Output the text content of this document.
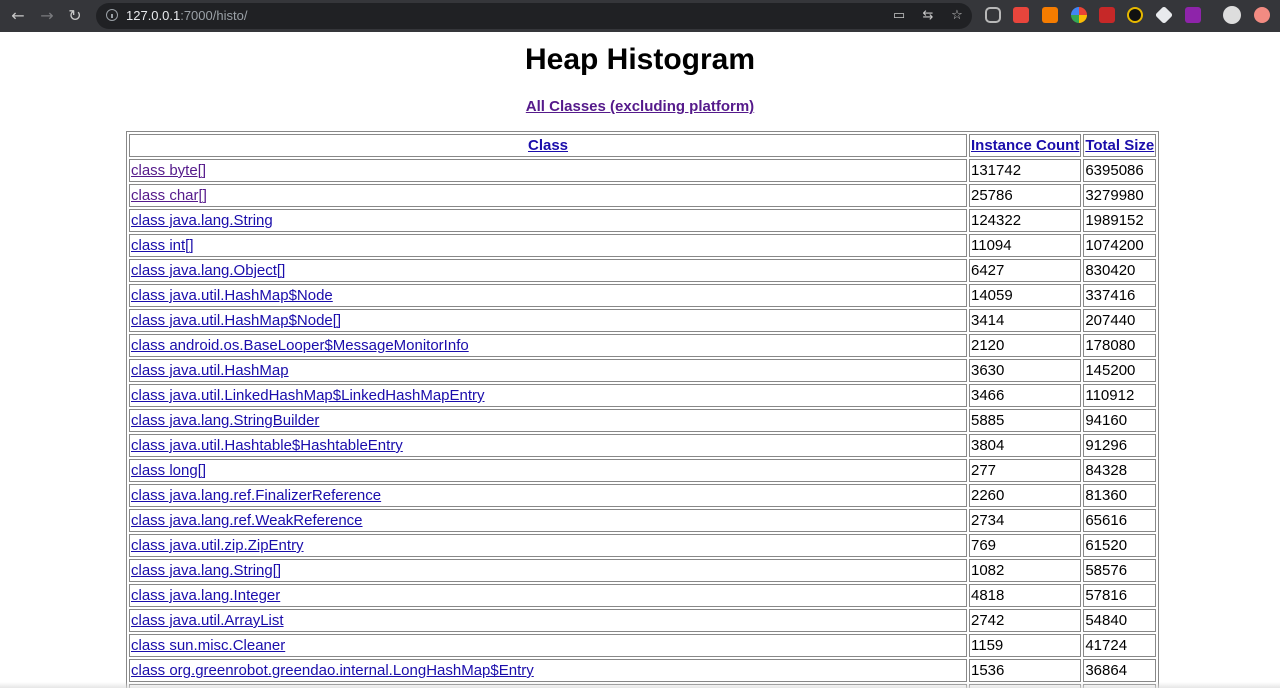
← → ↻	127.0.0.1:7000/histo/	▭ ⇆ ☆
Heap Histogram
All Classes (excluding platform)
Class	Instance Count	Total Size
class byte[]	131742	6395086
class char[]	25786	3279980
class java.lang.String	124322	1989152
class int[]	11094	1074200
class java.lang.Object[]	6427	830420
class java.util.HashMap$Node	14059	337416
class java.util.HashMap$Node[]	3414	207440
class android.os.BaseLooper$MessageMonitorInfo	2120	178080
class java.util.HashMap	3630	145200
class java.util.LinkedHashMap$LinkedHashMapEntry	3466	110912
class java.lang.StringBuilder	5885	94160
class java.util.Hashtable$HashtableEntry	3804	91296
class long[]	277	84328
class java.lang.ref.FinalizerReference	2260	81360
class java.lang.ref.WeakReference	2734	65616
class java.util.zip.ZipEntry	769	61520
class java.lang.String[]	1082	58576
class java.lang.Integer	4818	57816
class java.util.ArrayList	2742	54840
class sun.misc.Cleaner	1159	41724
class org.greenrobot.greendao.internal.LongHashMap$Entry	1536	36864
